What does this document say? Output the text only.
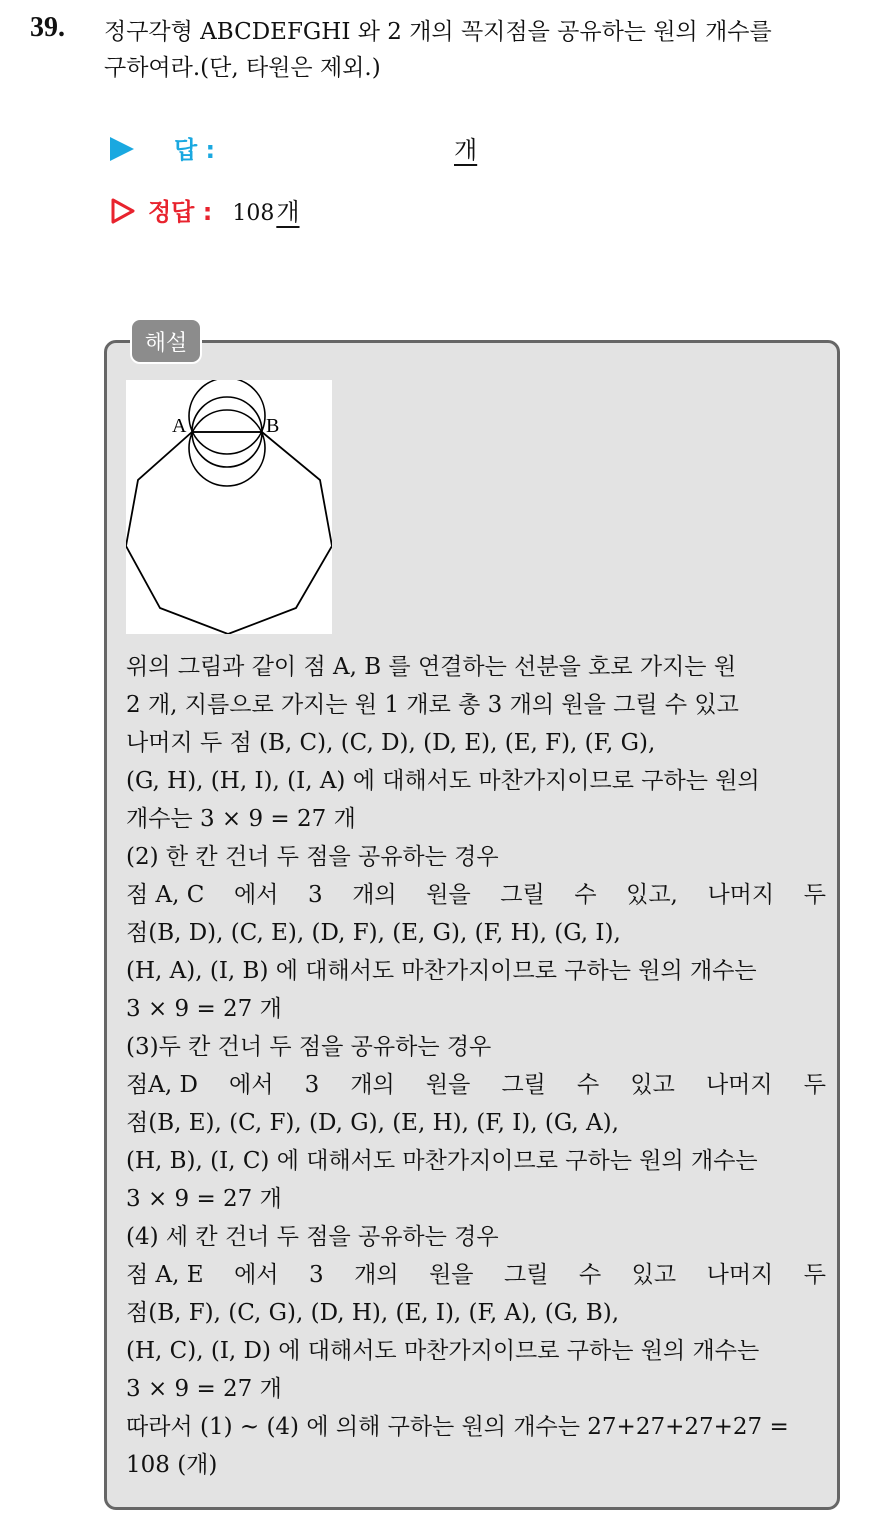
39. 정구각형 ABCDEFGHI 와 2 개의 꼭지점을 공유하는 원의 개수를
구하여라.(단, 타원은 제외.)
답 :	개
정답 : 108 개
해설
A	B
위의 그림과 같이 점 A, B 를 연결하는 선분을 호로 가지는 원
2 개, 지름으로 가지는 원 1 개로 총 3 개의 원을 그릴 수 있고
나머지 두 점 (B, C), (C, D), (D, E), (E, F), (F, G),
(G, H), (H, I), (I, A) 에 대해서도 마찬가지이므로 구하는 원의
개수는 3 × 9 = 27 개
(2) 한 칸 건너 두 점을 공유하는 경우
점 A, C 에서 3 개의 원을 그릴 수 있고, 나머지 두
점(B, D), (C, E), (D, F), (E, G), (F, H), (G, I),
(H, A), (I, B) 에 대해서도 마찬가지이므로 구하는 원의 개수는
3 × 9 = 27 개
(3)두 칸 건너 두 점을 공유하는 경우
점A, D 에서 3 개의 원을 그릴 수 있고 나머지 두
점(B, E), (C, F), (D, G), (E, H), (F, I), (G, A),
(H, B), (I, C) 에 대해서도 마찬가지이므로 구하는 원의 개수는
3 × 9 = 27 개
(4) 세 칸 건너 두 점을 공유하는 경우
점 A, E 에서 3 개의 원을 그릴 수 있고 나머지 두
점(B, F), (C, G), (D, H), (E, I), (F, A), (G, B),
(H, C), (I, D) 에 대해서도 마찬가지이므로 구하는 원의 개수는
3 × 9 = 27 개
따라서 (1) ~ (4) 에 의해 구하는 원의 개수는 27+27+27+27 =
108 (개)
